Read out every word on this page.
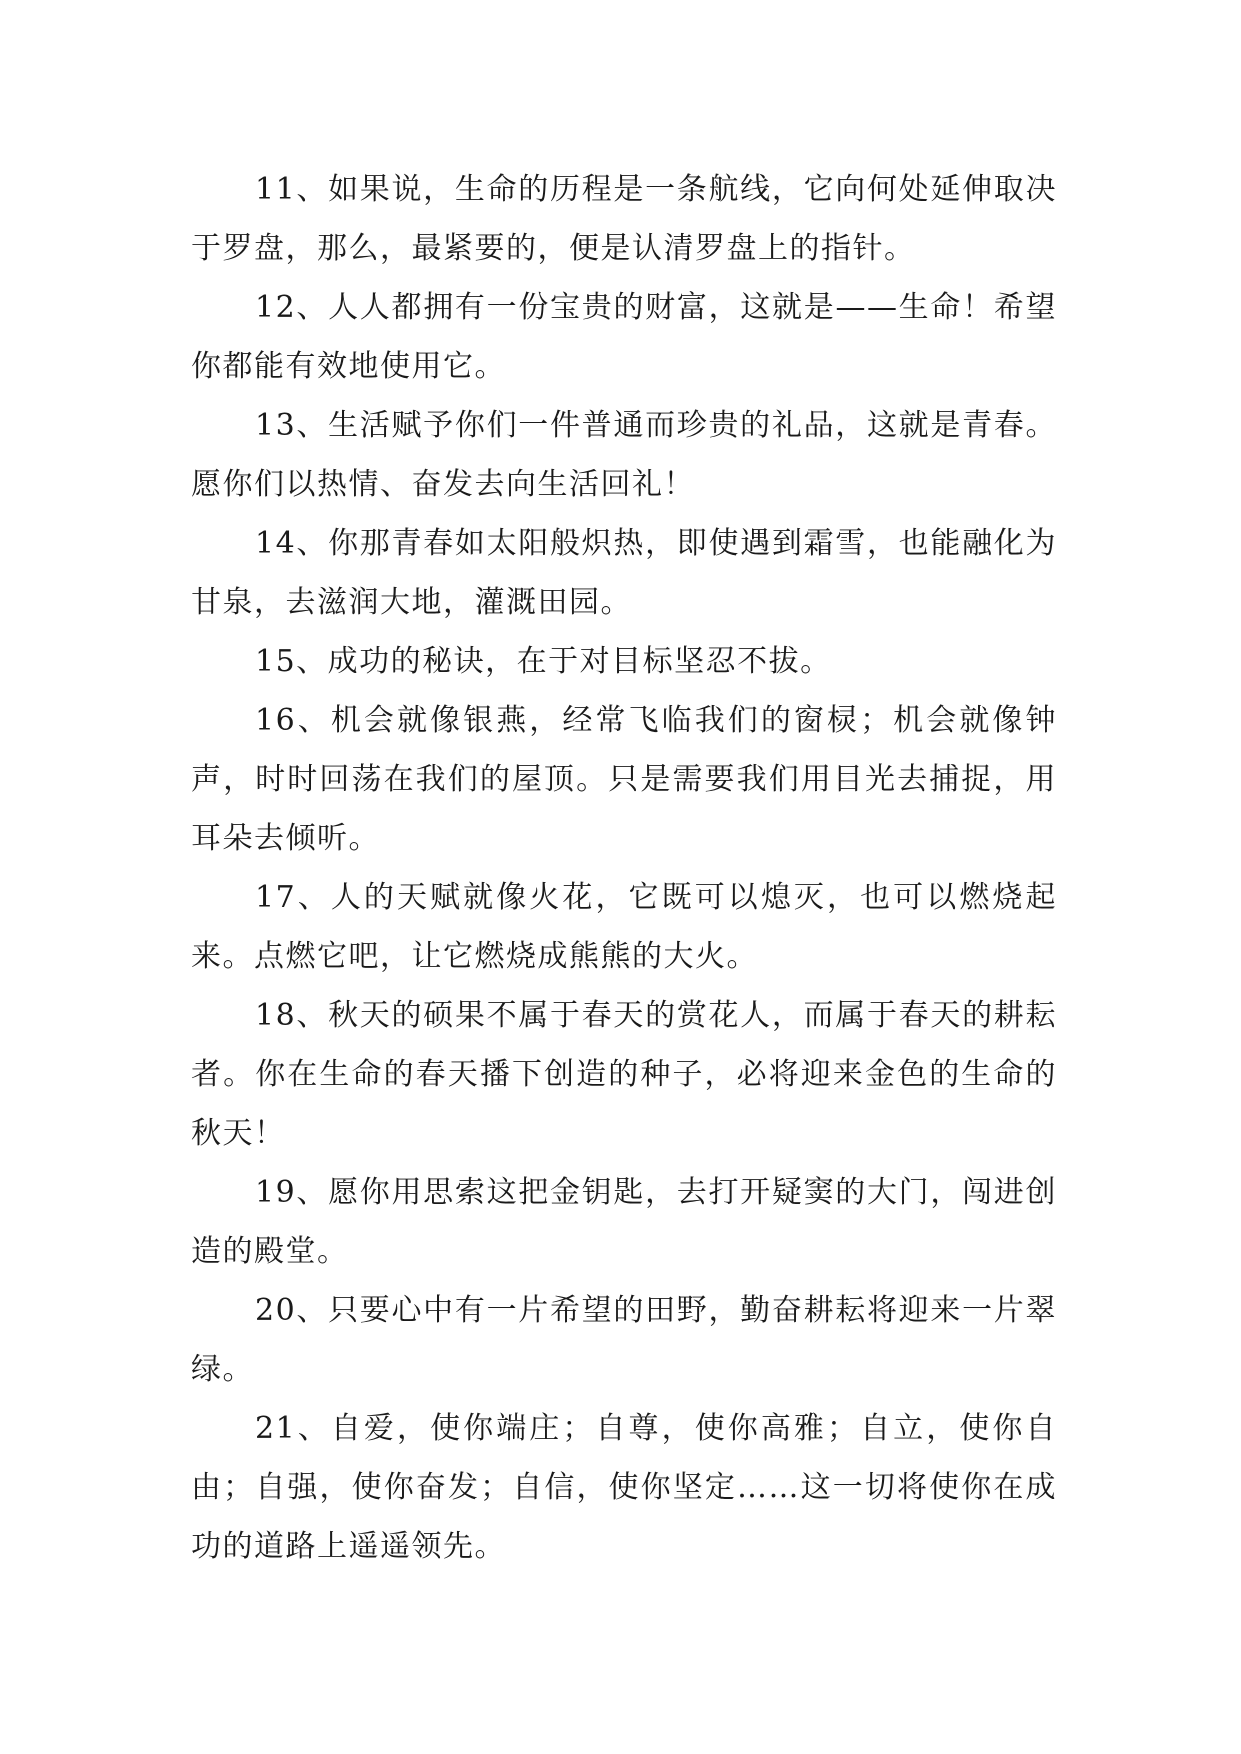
11、如果说，生命的历程是一条航线，它向何处延伸取决于罗盘，那么，最紧要的，便是认清罗盘上的指针。

12、人人都拥有一份宝贵的财富，这就是——生命！希望你都能有效地使用它。

13、生活赋予你们一件普通而珍贵的礼品，这就是青春。愿你们以热情、奋发去向生活回礼！

14、你那青春如太阳般炽热，即使遇到霜雪，也能融化为甘泉，去滋润大地，灌溉田园。

15、成功的秘诀，在于对目标坚忍不拔。

16、机会就像银燕，经常飞临我们的窗棂；机会就像钟声，时时回荡在我们的屋顶。只是需要我们用目光去捕捉，用耳朵去倾听。

17、人的天赋就像火花，它既可以熄灭，也可以燃烧起来。点燃它吧，让它燃烧成熊熊的大火。

18、秋天的硕果不属于春天的赏花人，而属于春天的耕耘者。你在生命的春天播下创造的种子，必将迎来金色的生命的秋天！

19、愿你用思索这把金钥匙，去打开疑窦的大门，闯进创造的殿堂。

20、只要心中有一片希望的田野，勤奋耕耘将迎来一片翠绿。

21、自爱，使你端庄；自尊，使你高雅；自立，使你自由；自强，使你奋发；自信，使你坚定……这一切将使你在成功的道路上遥遥领先。
